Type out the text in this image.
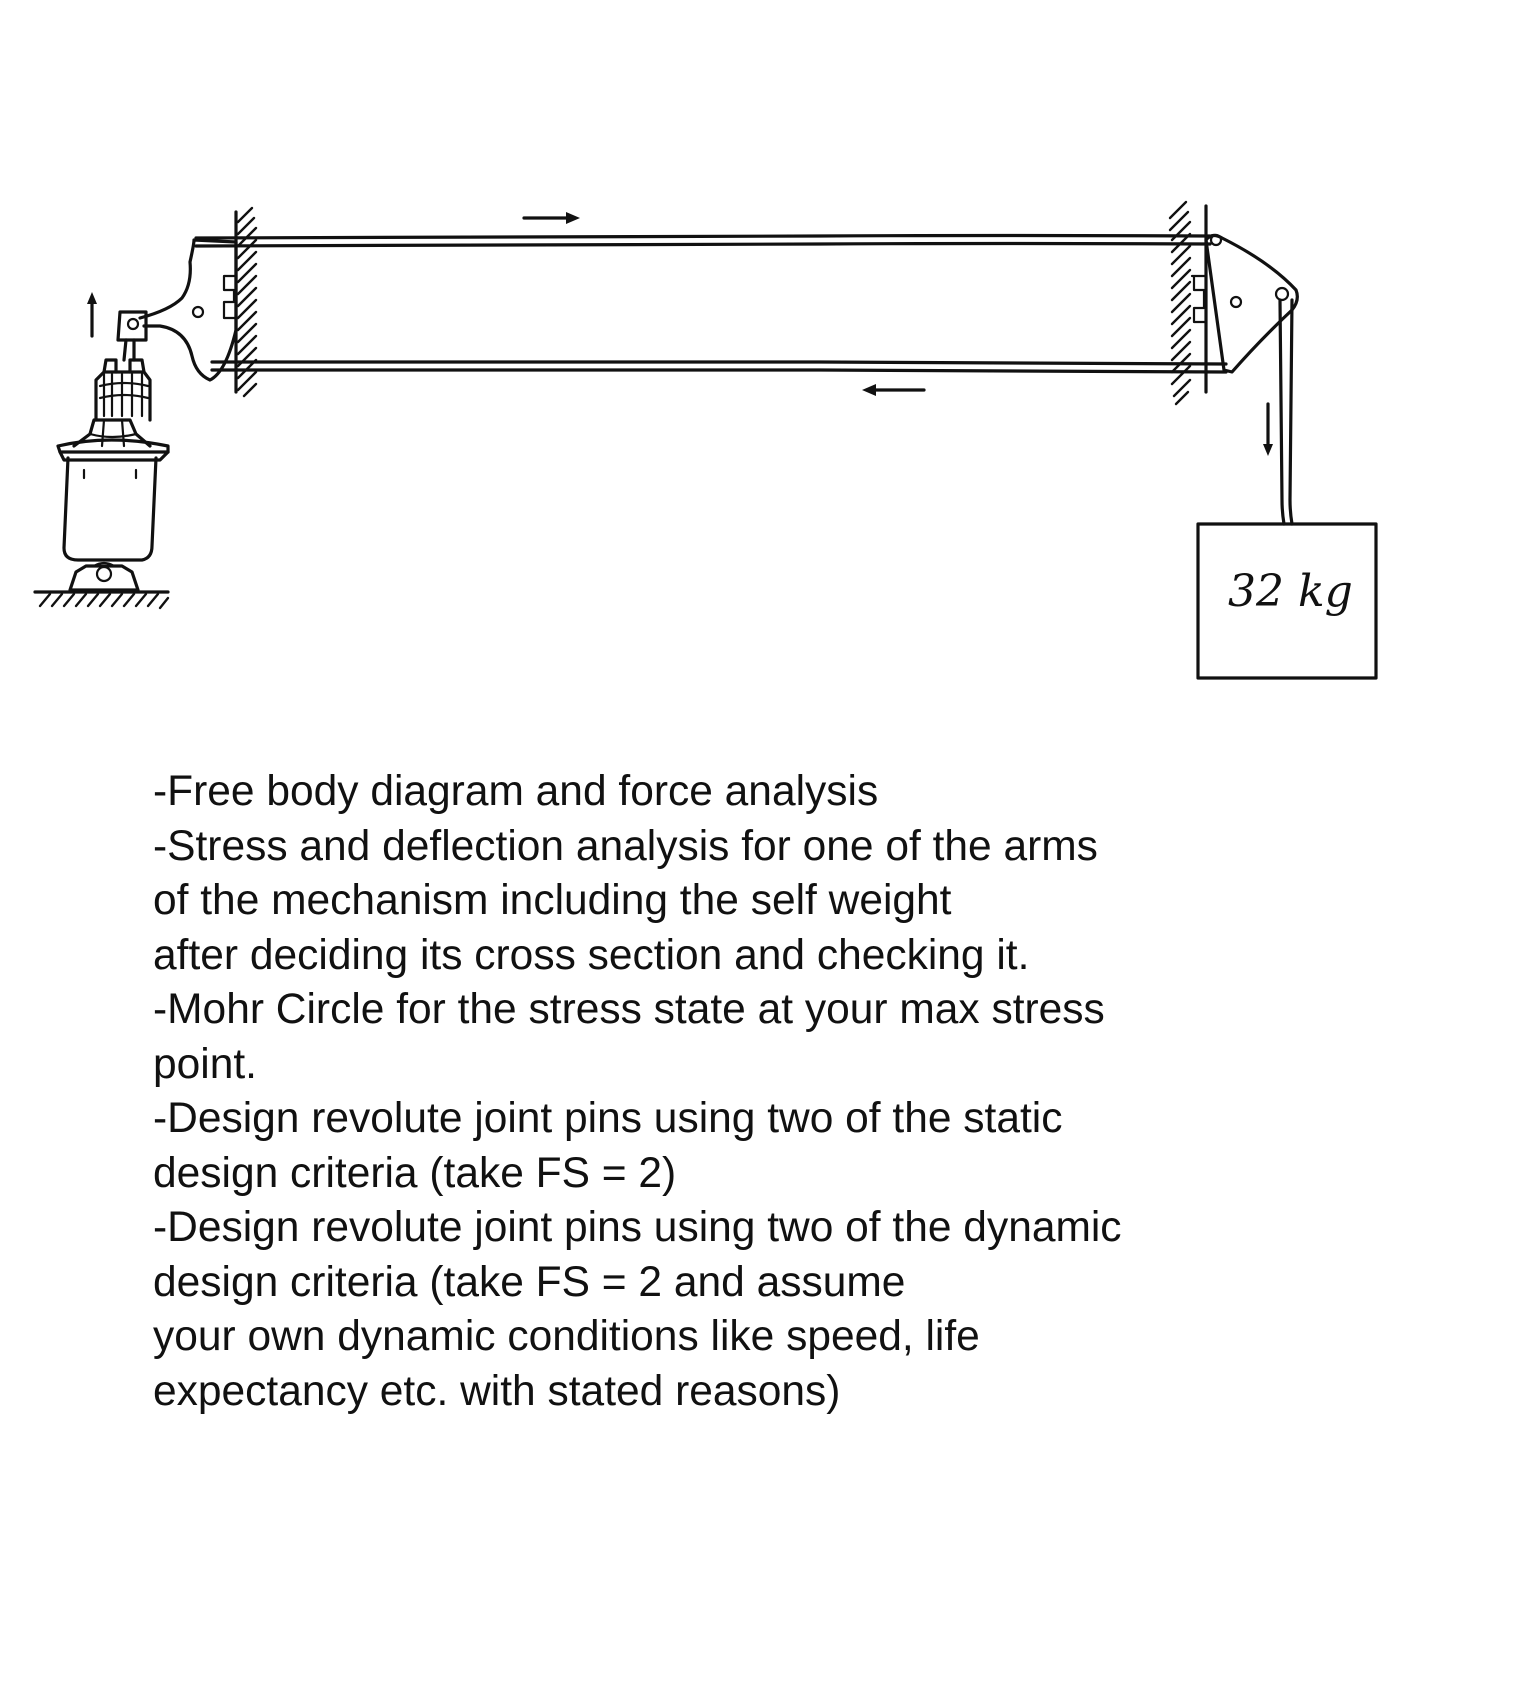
32 kg
-Free body diagram and force analysis
-Stress and deflection analysis for one of the arms
of the mechanism including the self weight
after deciding its cross section and checking it.
-Mohr Circle for the stress state at your max stress
point.
-Design revolute joint pins using two of the static
design criteria (take FS = 2)
-Design revolute joint pins using two of the dynamic
design criteria (take FS = 2 and assume
your own dynamic conditions like speed, life
expectancy etc. with stated reasons)
